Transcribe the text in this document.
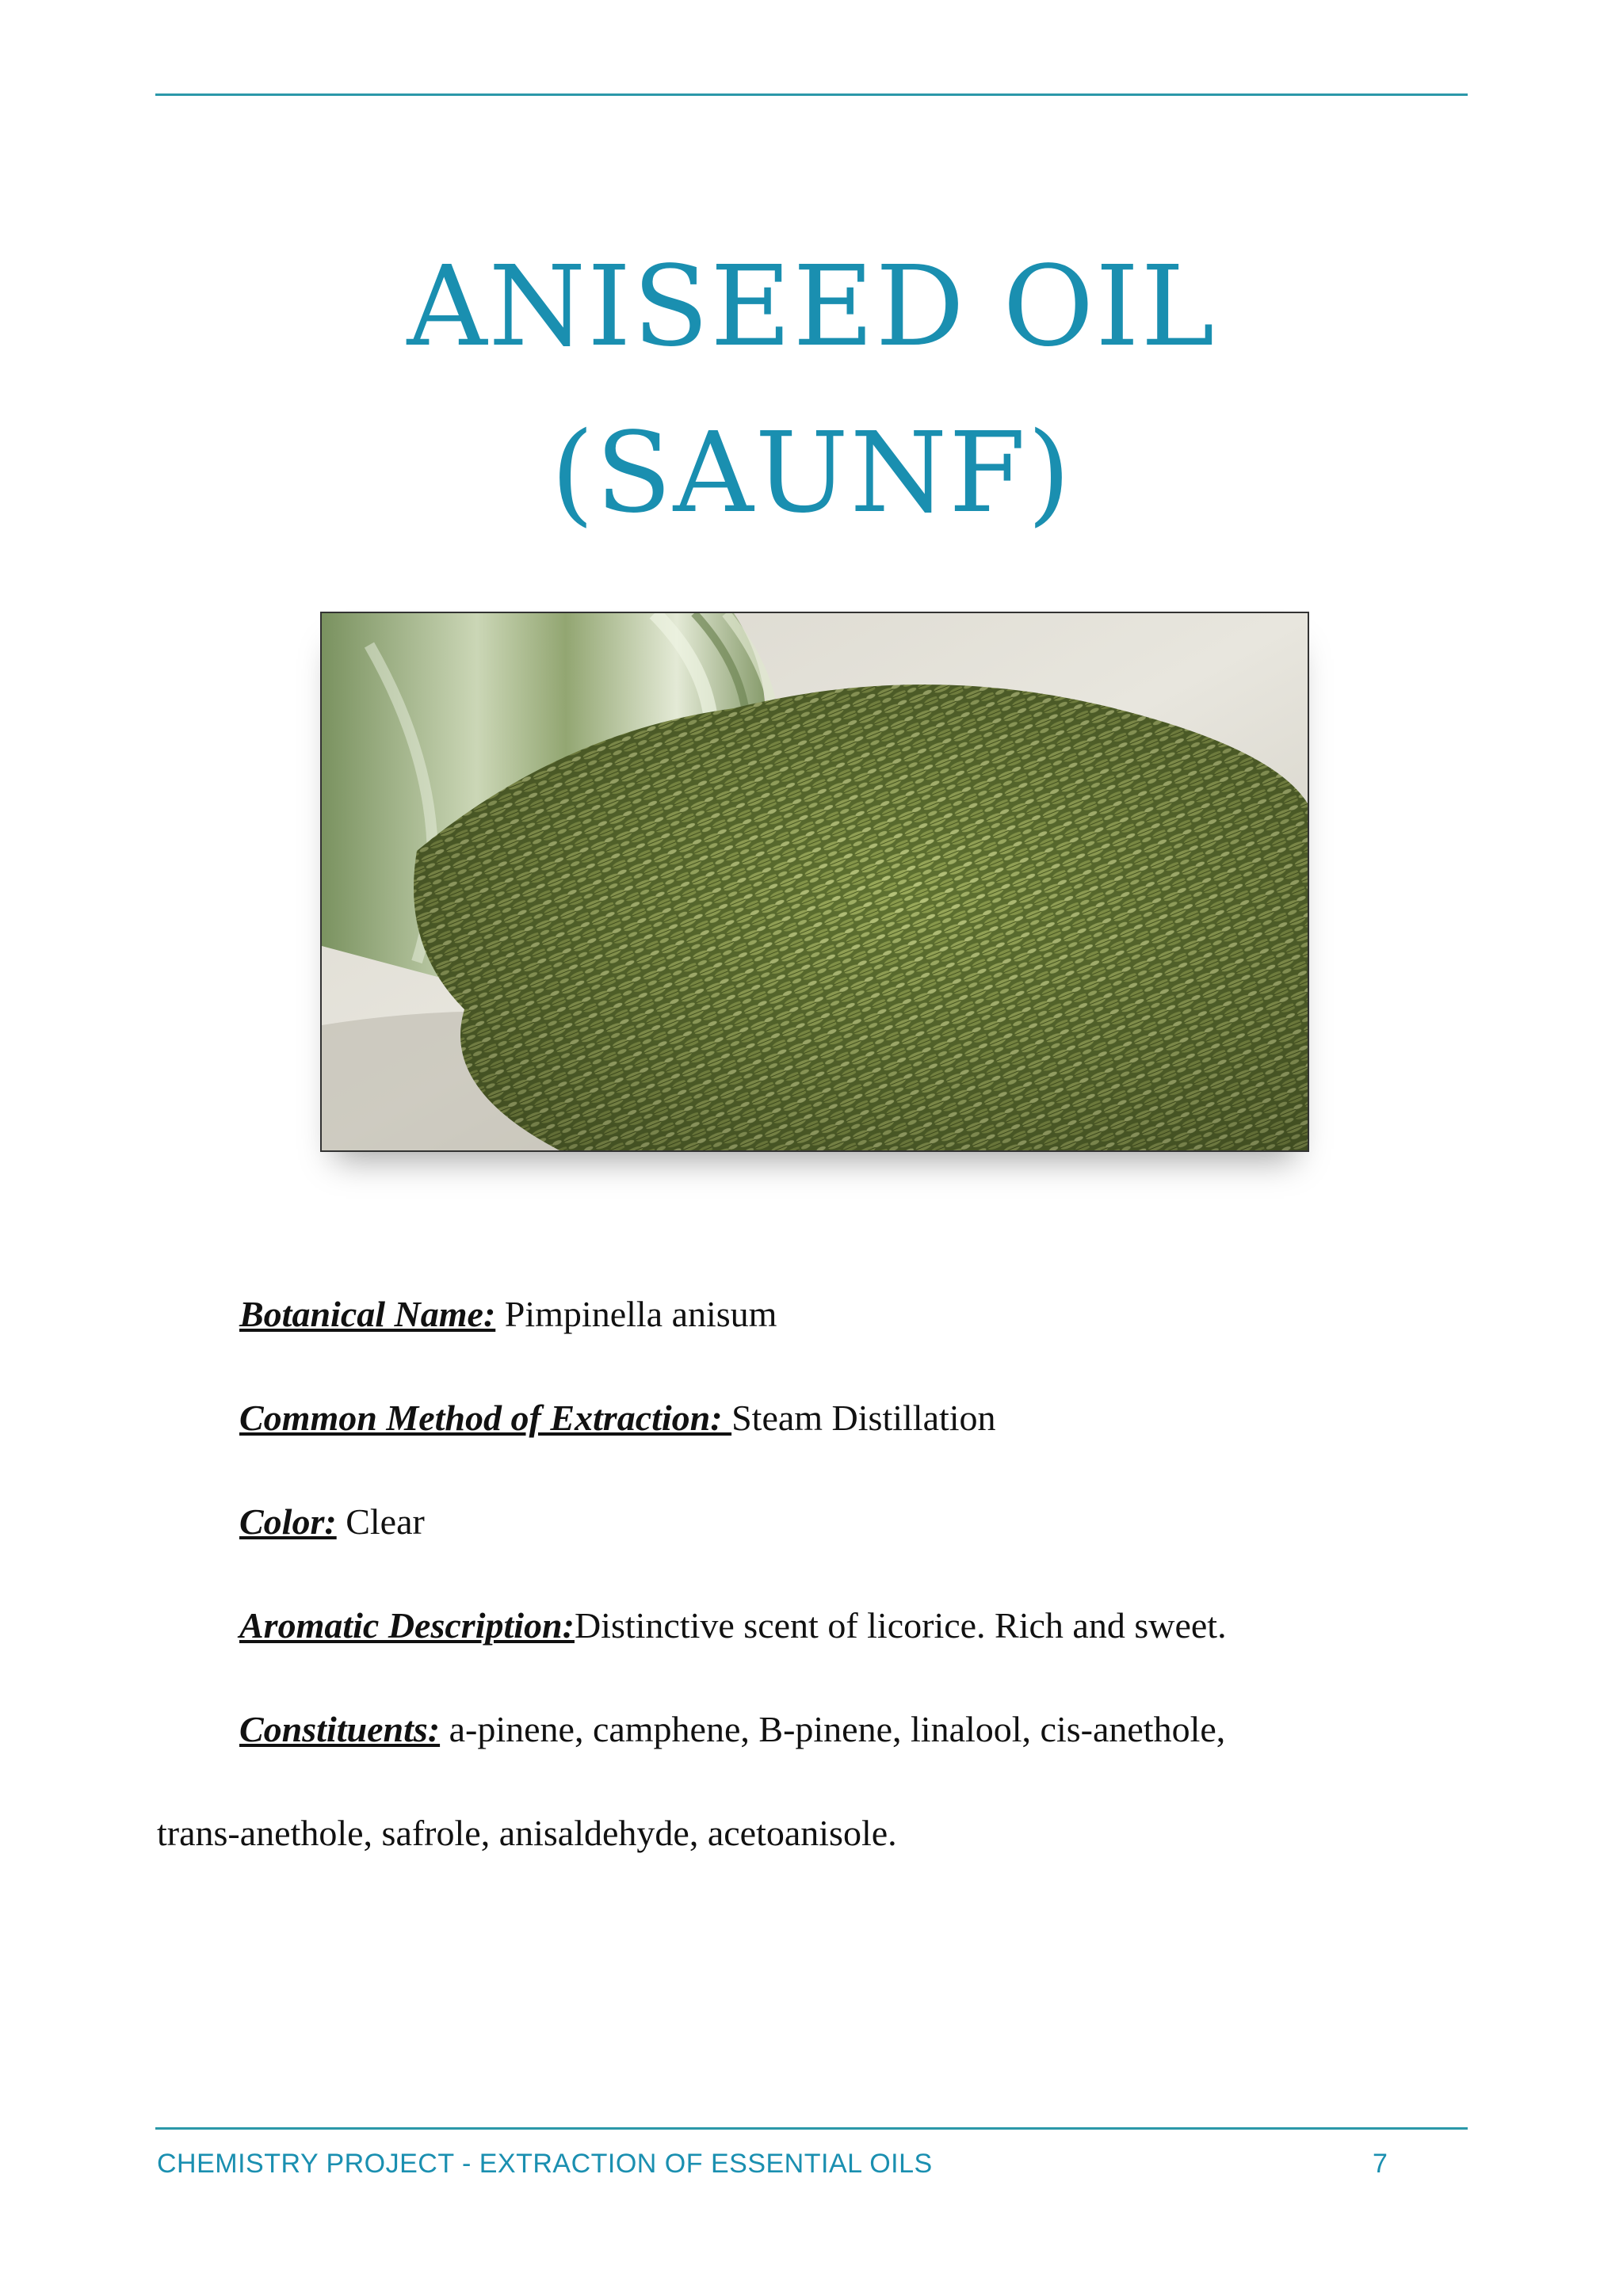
ANISEED OIL
(SAUNF)
Botanical Name: Pimpinella anisum
Common Method of Extraction: Steam Distillation
Color: Clear
Aromatic Description:Distinctive scent of licorice. Rich and sweet.
Constituents: a-pinene, camphene, B-pinene, linalool, cis-anethole,
trans-anethole, safrole, anisaldehyde, acetoanisole.
CHEMISTRY PROJECT - EXTRACTION OF ESSENTIAL OILS	7
